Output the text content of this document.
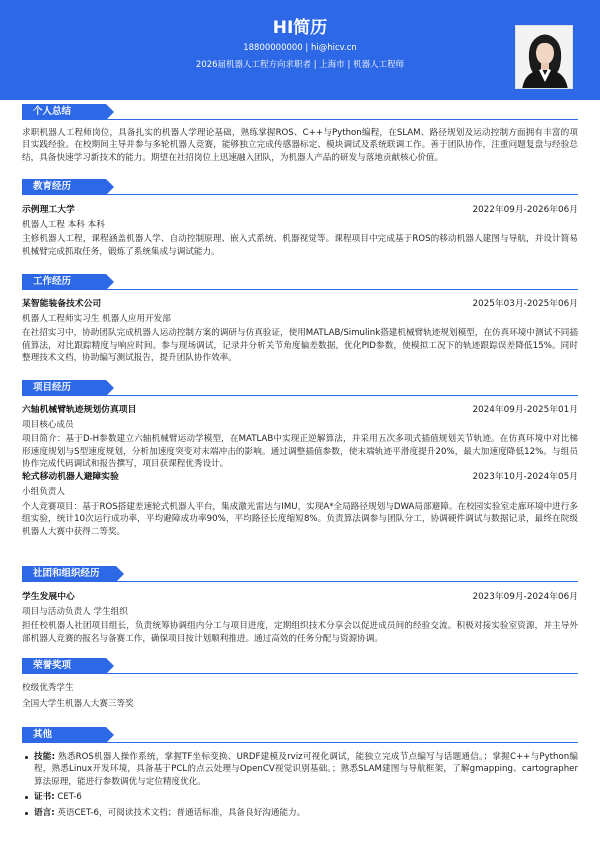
HI简历
18800000000 | hi@hicv.cn
2026届机器人工程方向求职者 | 上海市 | 机器人工程师
个人总结
求职机器人工程师岗位，具备扎实的机器人学理论基础，熟练掌握ROS、C++与Python编程，在SLAM、路径规划及运动控制方面拥有丰富的项目实践经验。在校期间主导并参与多轮机器人竞赛，能够独立完成传感器标定、模块调试及系统联调工作。善于团队协作，注重问题复盘与经验总结，具备快速学习新技术的能力。期望在社招岗位上迅速融入团队，为机器人产品的研发与落地贡献核心价值。
教育经历
示例理工大学	2022年09月-2026年06月
机器人工程 本科 本科
主修机器人工程，课程涵盖机器人学、自动控制原理、嵌入式系统、机器视觉等。课程项目中完成基于ROS的移动机器人建图与导航，并设计简易机械臂完成抓取任务，锻炼了系统集成与调试能力。
工作经历
某智能装备技术公司	2025年03月-2025年06月
机器人工程师实习生 机器人应用开发部
在社招实习中，协助团队完成机器人运动控制方案的调研与仿真验证，使用MATLAB/Simulink搭建机械臂轨迹规划模型，在仿真环境中测试不同插值算法，对比跟踪精度与响应时间。参与现场调试，记录并分析关节角度偏差数据，优化PID参数，使模拟工况下的轨迹跟踪误差降低15%。同时整理技术文档，协助编写测试报告，提升团队协作效率。
项目经历
六轴机械臂轨迹规划仿真项目	2024年09月-2025年01月
项目核心成员
项目简介：基于D-H参数建立六轴机械臂运动学模型，在MATLAB中实现正逆解算法，并采用五次多项式插值规划关节轨迹。在仿真环境中对比梯形速度规划与S型速度规划，分析加速度突变对末端冲击的影响。通过调整插值参数，使末端轨迹平滑度提升20%，最大加速度降低12%。与组员协作完成代码调试和报告撰写，项目获课程优秀设计。
轮式移动机器人避障实验	2023年10月-2024年05月
小组负责人
个人竞赛项目：基于ROS搭建差速轮式机器人平台，集成激光雷达与IMU，实现A*全局路径规划与DWA局部避障。在校园实验室走廊环境中进行多组实验，统计10次运行成功率，平均避障成功率90%，平均路径长度缩短8%。负责算法调参与团队分工，协调硬件调试与数据记录，最终在院级机器人大赛中获得二等奖。
社团和组织经历
学生发展中心	2023年09月-2024年06月
项目与活动负责人 学生组织
担任校机器人社团项目组长，负责统筹协调组内分工与项目进度，定期组织技术分享会以促进成员间的经验交流。积极对接实验室资源，并主导外部机器人竞赛的报名与备赛工作，确保项目按计划顺利推进。通过高效的任务分配与资源协调。
荣誉奖项
校级优秀学生
全国大学生机器人大赛三等奖
其他
技能: 熟悉ROS机器人操作系统，掌握TF坐标变换、URDF建模及rviz可视化调试，能独立完成节点编写与话题通信。；掌握C++与Python编程，熟悉Linux开发环境，具备基于PCL的点云处理与OpenCV视觉识别基础。；熟悉SLAM建图与导航框架，了解gmapping、cartographer算法原理，能进行参数调优与定位精度优化。
证书: CET-6
语言: 英语CET-6，可阅读技术文档；普通话标准，具备良好沟通能力。
